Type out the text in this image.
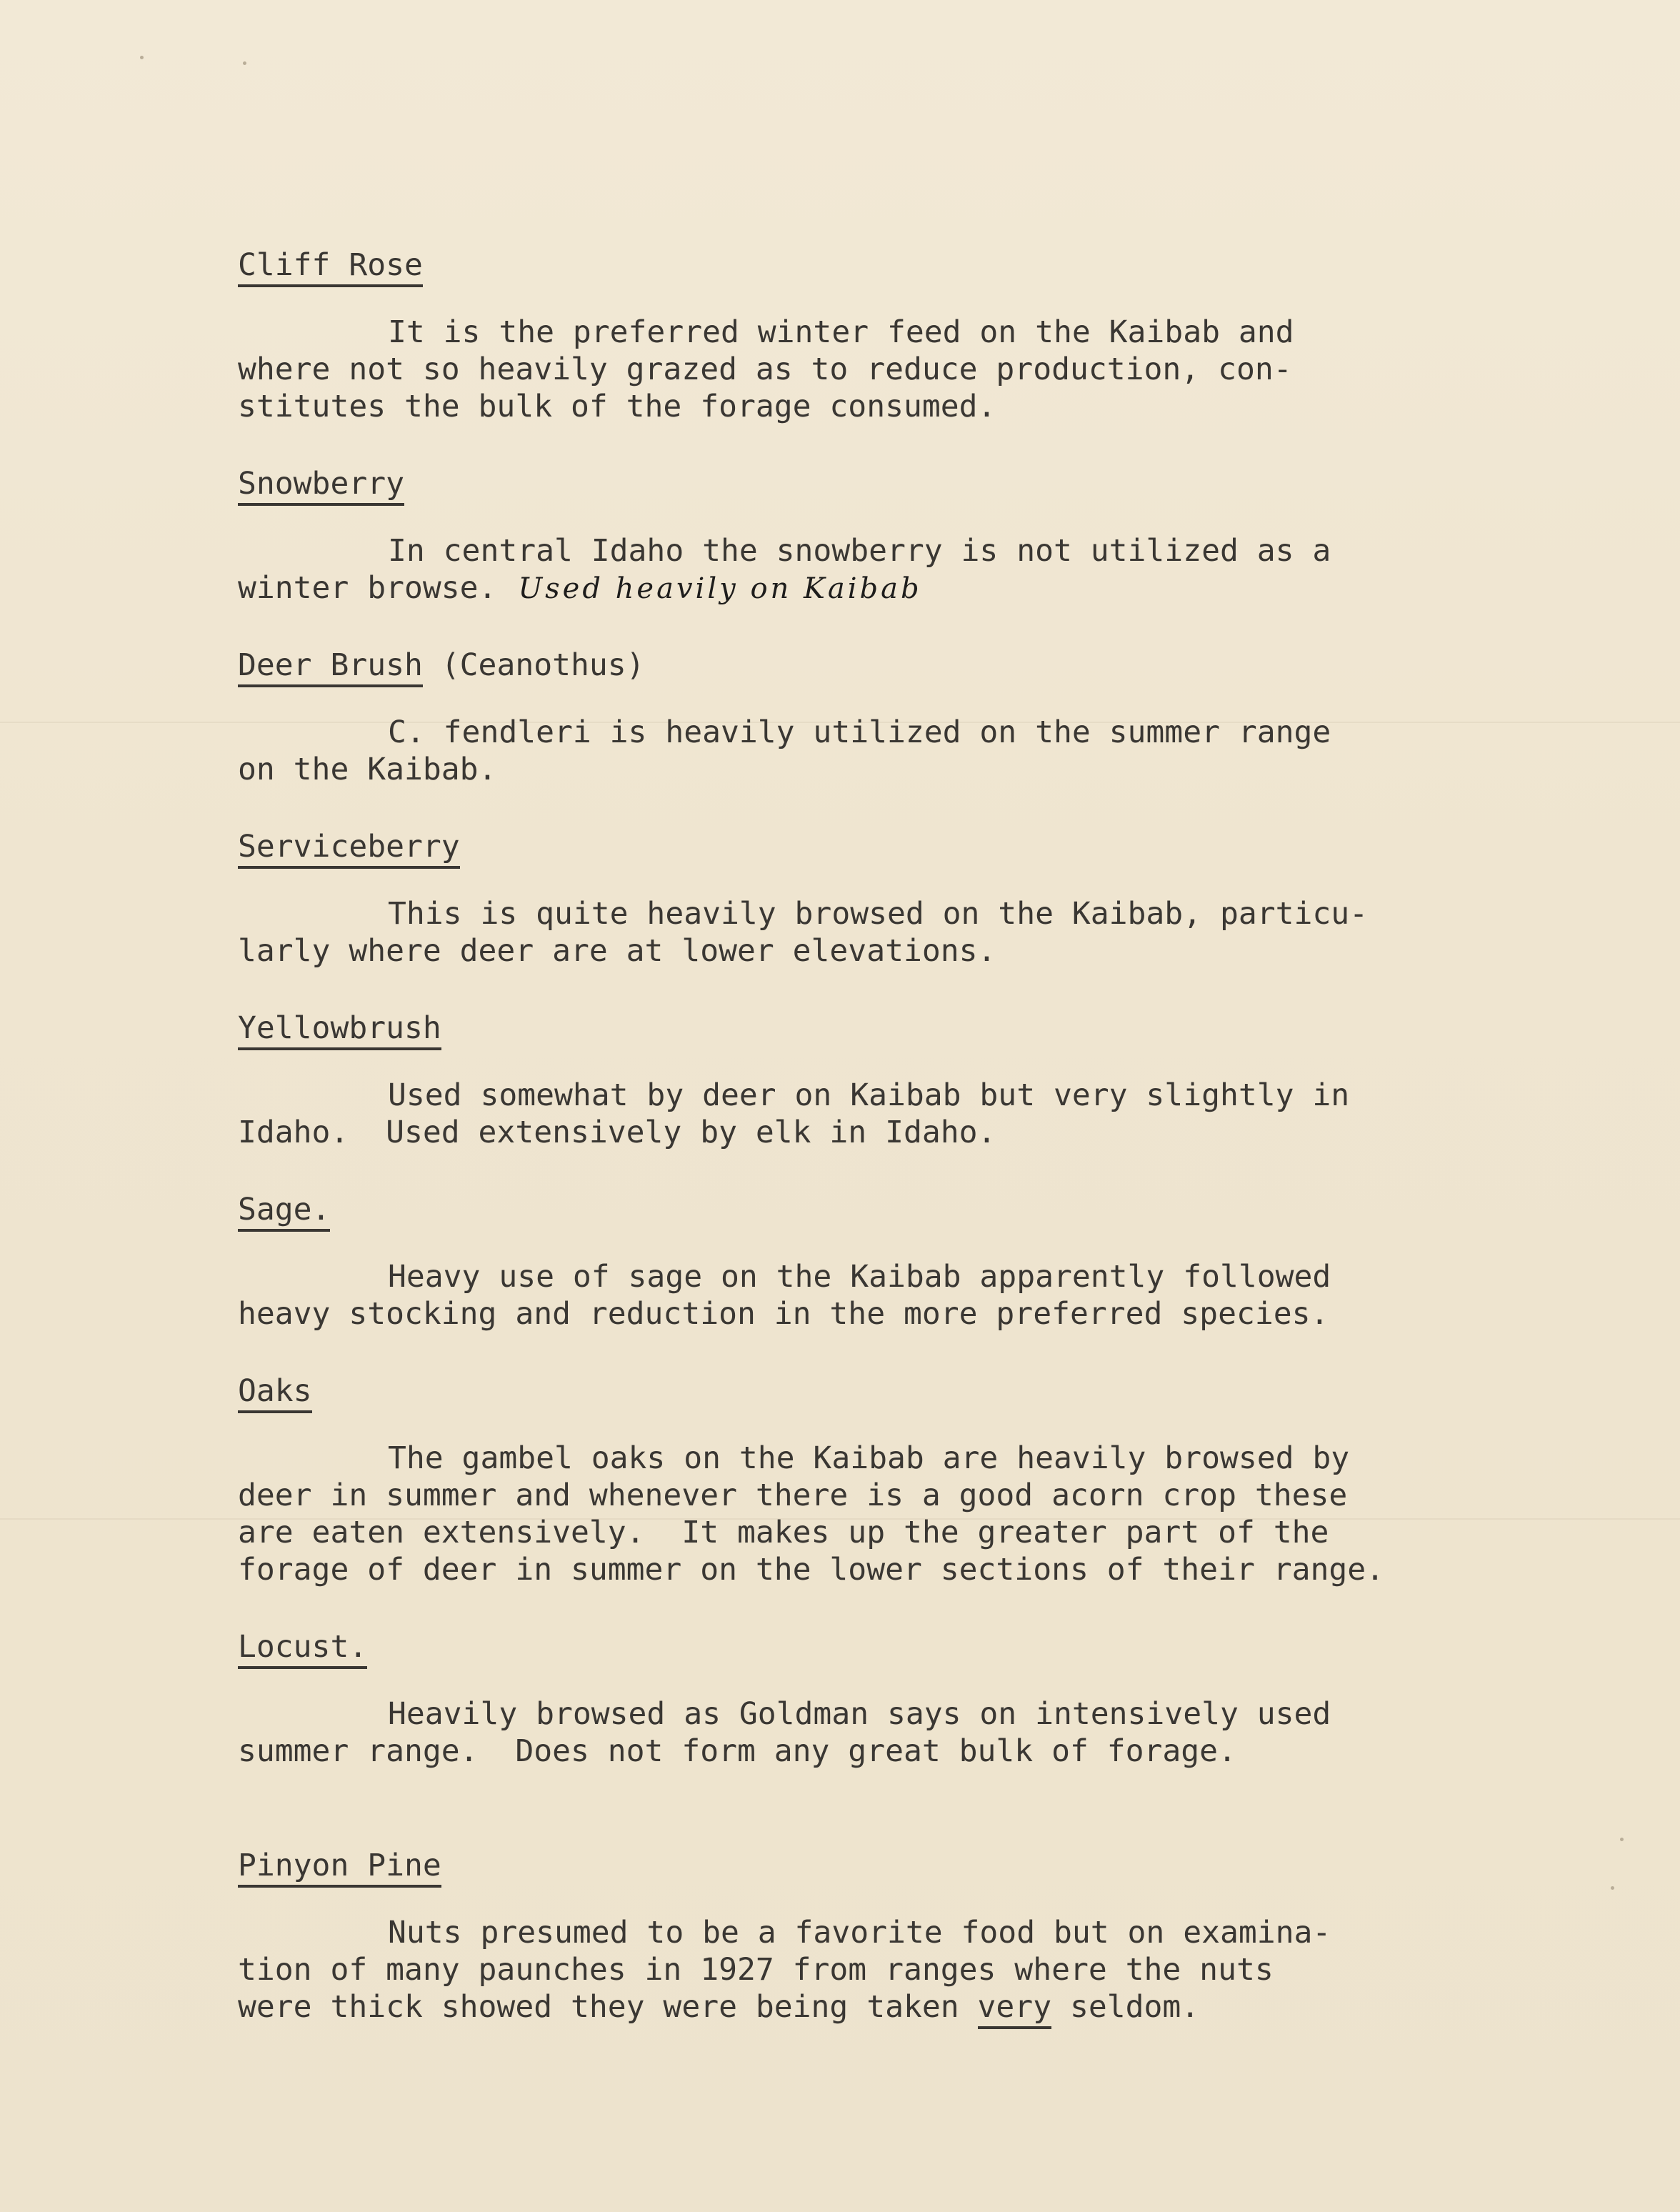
Cliff Rose
It is the preferred winter feed on the Kaibab and
where not so heavily grazed as to reduce production, con-
stitutes the bulk of the forage consumed.
Snowberry
In central Idaho the snowberry is not utilized as a
winter browse. Used heavily on Kaibab
Deer Brush (Ceanothus)
C. fendleri is heavily utilized on the summer range
on the Kaibab.
Serviceberry
This is quite heavily browsed on the Kaibab, particu-
larly where deer are at lower elevations.
Yellowbrush
Used somewhat by deer on Kaibab but very slightly in
Idaho.  Used extensively by elk in Idaho.
Sage.
Heavy use of sage on the Kaibab apparently followed
heavy stocking and reduction in the more preferred species.
Oaks
The gambel oaks on the Kaibab are heavily browsed by
deer in summer and whenever there is a good acorn crop these
are eaten extensively.  It makes up the greater part of the
forage of deer in summer on the lower sections of their range.
Locust.
Heavily browsed as Goldman says on intensively used
summer range.  Does not form any great bulk of forage.
Pinyon Pine
Nuts presumed to be a favorite food but on examina-
tion of many paunches in 1927 from ranges where the nuts
were thick showed they were being taken very seldom.
